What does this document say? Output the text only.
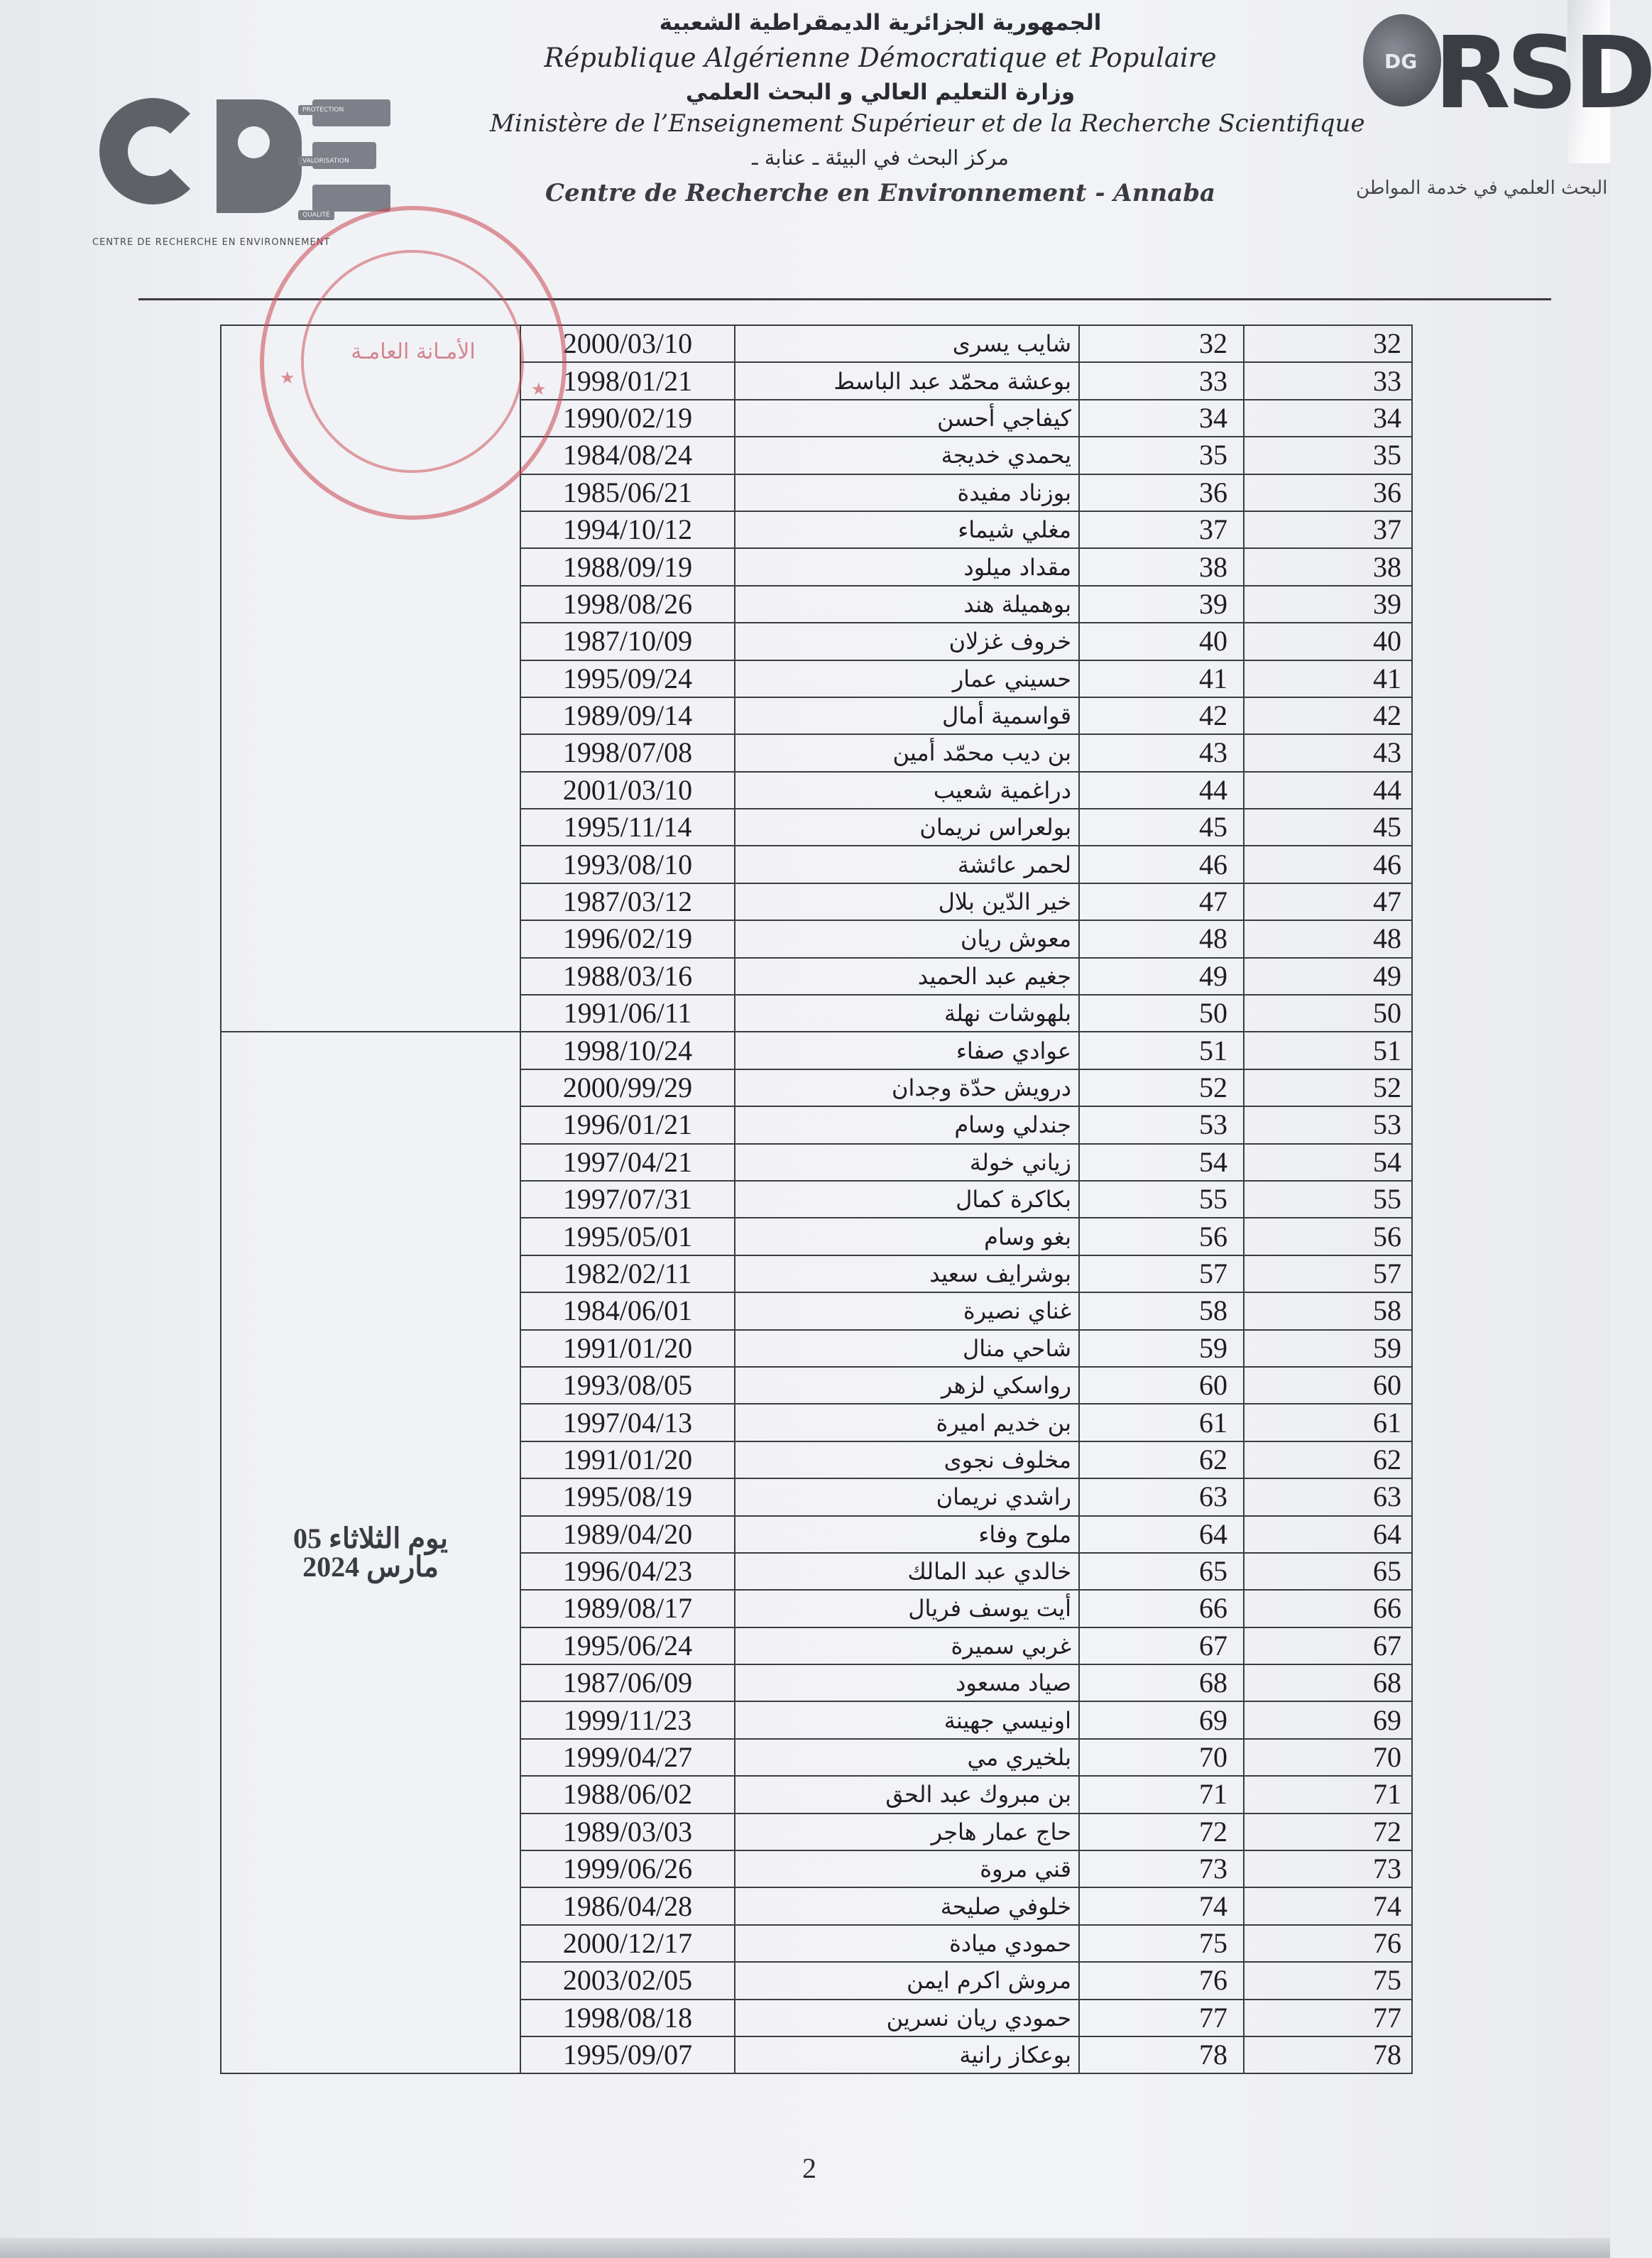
PROTECTION
VALORISATION
QUALITÉ
CENTRE DE RECHERCHE EN ENVIRONNEMENT
الجمهورية الجزائرية الديمقراطية الشعبية
République Algérienne Démocratique et Populaire
وزارة التعليم العالي و البحث العلمي
Ministère de l’Enseignement Supérieur et de la Recherche Scientifique
مركز البحث في البيئة ـ عنابة ـ
Centre de Recherche en Environnement - Annaba
DG RSD
البحث العلمي في خدمة المواطن
	2000/03/10	شايب يسرى	32	32
	1998/01/21	بوعشة محمّد عبد الباسط	33	33
	1990/02/19	كيفاجي أحسن	34	34
	1984/08/24	يحمدي خديجة	35	35
	1985/06/21	بوزناد مفيدة	36	36
	1994/10/12	مغلي شيماء	37	37
	1988/09/19	مقداد ميلود	38	38
	1998/08/26	بوهميلة هند	39	39
	1987/10/09	خروف غزلان	40	40
	1995/09/24	حسيني عمار	41	41
	1989/09/14	قواسمية أمال	42	42
	1998/07/08	بن ديب محمّد أمين	43	43
	2001/03/10	دراغمية شعيب	44	44
	1995/11/14	بولعراس نريمان	45	45
	1993/08/10	لحمر عائشة	46	46
	1987/03/12	خير الدّين بلال	47	47
	1996/02/19	معوش ريان	48	48
	1988/03/16	جغيم عبد الحميد	49	49
	1991/06/11	بلهوشات نهلة	50	50

يوم الثلاثاء 05
مارس 2024	1998/10/24	عوادي صفاء	51	51
	2000/99/29	درويش حدّة وجدان	52	52
	1996/01/21	جندلي وسام	53	53
	1997/04/21	زياني خولة	54	54
	1997/07/31	بكاكرة كمال	55	55
	1995/05/01	بغو وسام	56	56
	1982/02/11	بوشرايف سعيد	57	57
	1984/06/01	غناي نصيرة	58	58
	1991/01/20	شاحي منال	59	59
	1993/08/05	رواسكي لزهر	60	60
	1997/04/13	بن خديم اميرة	61	61
	1991/01/20	مخلوف نجوى	62	62
	1995/08/19	راشدي نريمان	63	63
	1989/04/20	ملوح وفاء	64	64
	1996/04/23	خالدي عبد المالك	65	65
	1989/08/17	أيت يوسف فريال	66	66
	1995/06/24	غربي سميرة	67	67
	1987/06/09	صياد مسعود	68	68
	1999/11/23	اونيسي جهينة	69	69
	1999/04/27	بلخيري مي	70	70
	1988/06/02	بن مبروك عبد الحق	71	71
	1989/03/03	حاج عمار هاجر	72	72
	1999/06/26	قني مروة	73	73
	1986/04/28	خلوفي صليحة	74	74
	2000/12/17	حمودي ميادة	75	76
	2003/02/05	مروش اكرم ايمن	76	75
	1998/08/18	حمودي ريان نسرين	77	77
	1995/09/07	بوعكاز رانية	78	78
الأمـانة العامـة
★
★
2
